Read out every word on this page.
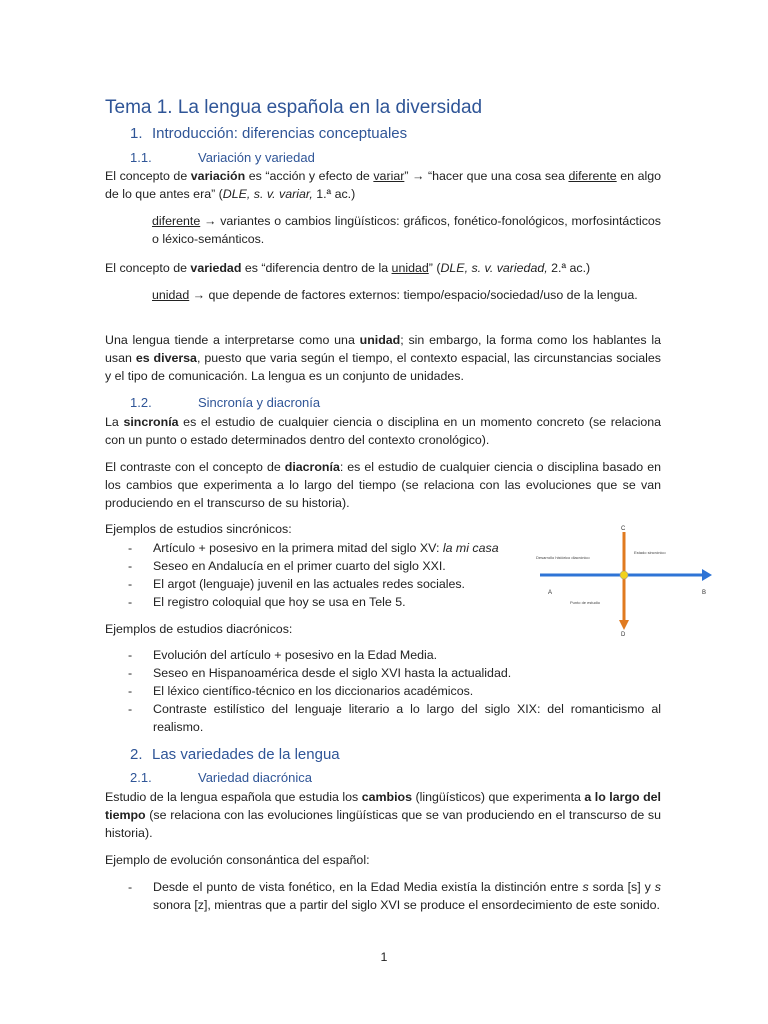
Tema 1. La lengua española en la diversidad
1. Introducción: diferencias conceptuales
1.1.	Variación y variedad
El concepto de variación es “acción y efecto de variar” → “hacer que una cosa sea diferente en algo de lo que antes era” (DLE, s. v. variar, 1.ª ac.)
diferente → variantes o cambios lingüísticos: gráficos, fonético-fonológicos, morfosintácticos o léxico-semánticos.
El concepto de variedad es “diferencia dentro de la unidad” (DLE, s. v. variedad, 2.ª ac.)
unidad → que depende de factores externos: tiempo/espacio/sociedad/uso de la lengua.
Una lengua tiende a interpretarse como una unidad; sin embargo, la forma como los hablantes la usan es diversa, puesto que varia según el tiempo, el contexto espacial, las circunstancias sociales y el tipo de comunicación. La lengua es un conjunto de unidades.
1.2.	Sincronía y diacronía
La sincronía es el estudio de cualquier ciencia o disciplina en un momento concreto (se relaciona con un punto o estado determinados dentro del contexto cronológico).
El contraste con el concepto de diacronía: es el estudio de cualquier ciencia o disciplina basado en los cambios que experimenta a lo largo del tiempo (se relaciona con las evoluciones que se van produciendo en el transcurso de su historia).
Ejemplos de estudios sincrónicos:
- Artículo + posesivo en la primera mitad del siglo XV: la mi casa
- Seseo en Andalucía en el primer cuarto del siglo XXI.
- El argot (lenguaje) juvenil en las actuales redes sociales.
- El registro coloquial que hoy se usa en Tele 5.
C
D
A	B
Desarrollo histórico diacrónico
Estado sincrónico
Punto de estudio
Ejemplos de estudios diacrónicos:
- Evolución del artículo + posesivo en la Edad Media.
- Seseo en Hispanoamérica desde el siglo XVI hasta la actualidad.
- El léxico científico-técnico en los diccionarios académicos.
- Contraste estilístico del lenguaje literario a lo largo del siglo XIX: del romanticismo al realismo.
2. Las variedades de la lengua
2.1.	Variedad diacrónica
Estudio de la lengua española que estudia los cambios (lingüísticos) que experimenta a lo largo del tiempo (se relaciona con las evoluciones lingüísticas que se van produciendo en el transcurso de su historia).
Ejemplo de evolución consonántica del español:
- Desde el punto de vista fonético, en la Edad Media existía la distinción entre s sorda [s] y s sonora [z], mientras que a partir del siglo XVI se produce el ensordecimiento de este sonido.
1
